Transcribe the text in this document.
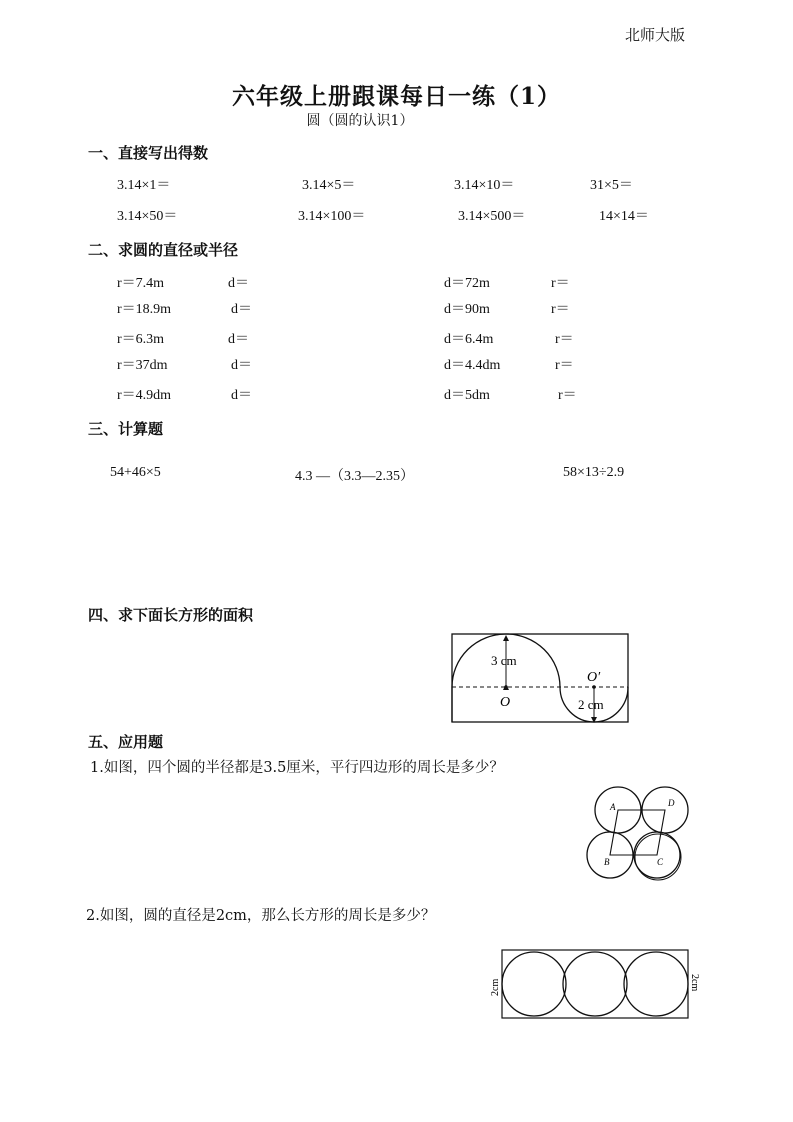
北师大版
六年级上册跟课每日一练（1）
圆（圆的认识1）
一、直接写出得数
3.14×1＝	3.14×5＝	3.14×10＝	31×5＝
3.14×50＝	3.14×100＝	3.14×500＝	14×14＝
二、求圆的直径或半径
r＝7.4m	d＝	d＝72m	r＝
r＝18.9m	d＝	d＝90m	r＝
r＝6.3m	d＝	d＝6.4m	r＝
r＝37dm	d＝	d＝4.4dm	r＝
r＝4.9dm	d＝	d＝5dm	r＝
三、计算题
54+46×5	4.3 —（3.3—2.35）	58×13÷2.9
四、求下面长方形的面积
3 cm
O
O′
2 cm
五、应用题
1.如图，四个圆的半径都是3.5厘米，平行四边形的周长是多少？
A	D
B	C
2.如图，圆的直径是2cm，那么长方形的周长是多少？
2cm	2cm
